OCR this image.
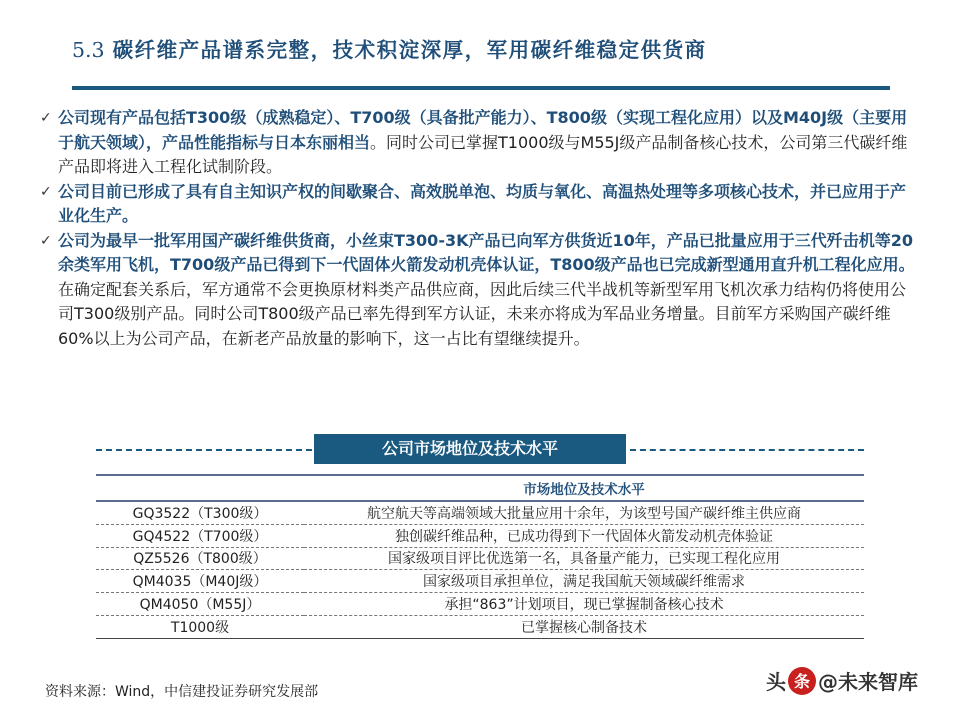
5.3 碳纤维产品谱系完整，技术积淀深厚，军用碳纤维稳定供货商
✓ 公司现有产品包括T300级（成熟稳定）、T700级（具备批产能力）、T800级（实现工程化应用）以及M40J级（主要用于航天领域），产品性能指标与日本东丽相当。同时公司已掌握T1000级与M55J级产品制备核心技术，公司第三代碳纤维产品即将进入工程化试制阶段。
✓ 公司目前已形成了具有自主知识产权的间歇聚合、高效脱单泡、均质与氧化、高温热处理等多项核心技术，并已应用于产业化生产。
✓ 公司为最早一批军用国产碳纤维供货商，小丝束T300-3K产品已向军方供货近10年，产品已批量应用于三代歼击机等20余类军用飞机，T700级产品已得到下一代固体火箭发动机壳体认证，T800级产品也已完成新型通用直升机工程化应用。在确定配套关系后，军方通常不会更换原材料类产品供应商，因此后续三代半战机等新型军用飞机次承力结构仍将使用公司T300级别产品。同时公司T800级产品已率先得到军方认证，未来亦将成为军品业务增量。目前军方采购国产碳纤维60%以上为公司产品，在新老产品放量的影响下，这一占比有望继续提升。
公司市场地位及技术水平
	市场地位及技术水平
GQ3522（T300级）	航空航天等高端领域大批量应用十余年，为该型号国产碳纤维主供应商
GQ4522（T700级）	独创碳纤维品种，已成功得到下一代固体火箭发动机壳体验证
QZ5526（T800级）	国家级项目评比优选第一名，具备量产能力，已实现工程化应用
QM4035（M40J级）	国家级项目承担单位，满足我国航天领域碳纤维需求
QM4050（M55J）	承担“863”计划项目，现已掌握制备核心技术
T1000级	已掌握核心制备技术
资料来源：Wind，中信建投证券研究发展部	头 条 @未来智库
